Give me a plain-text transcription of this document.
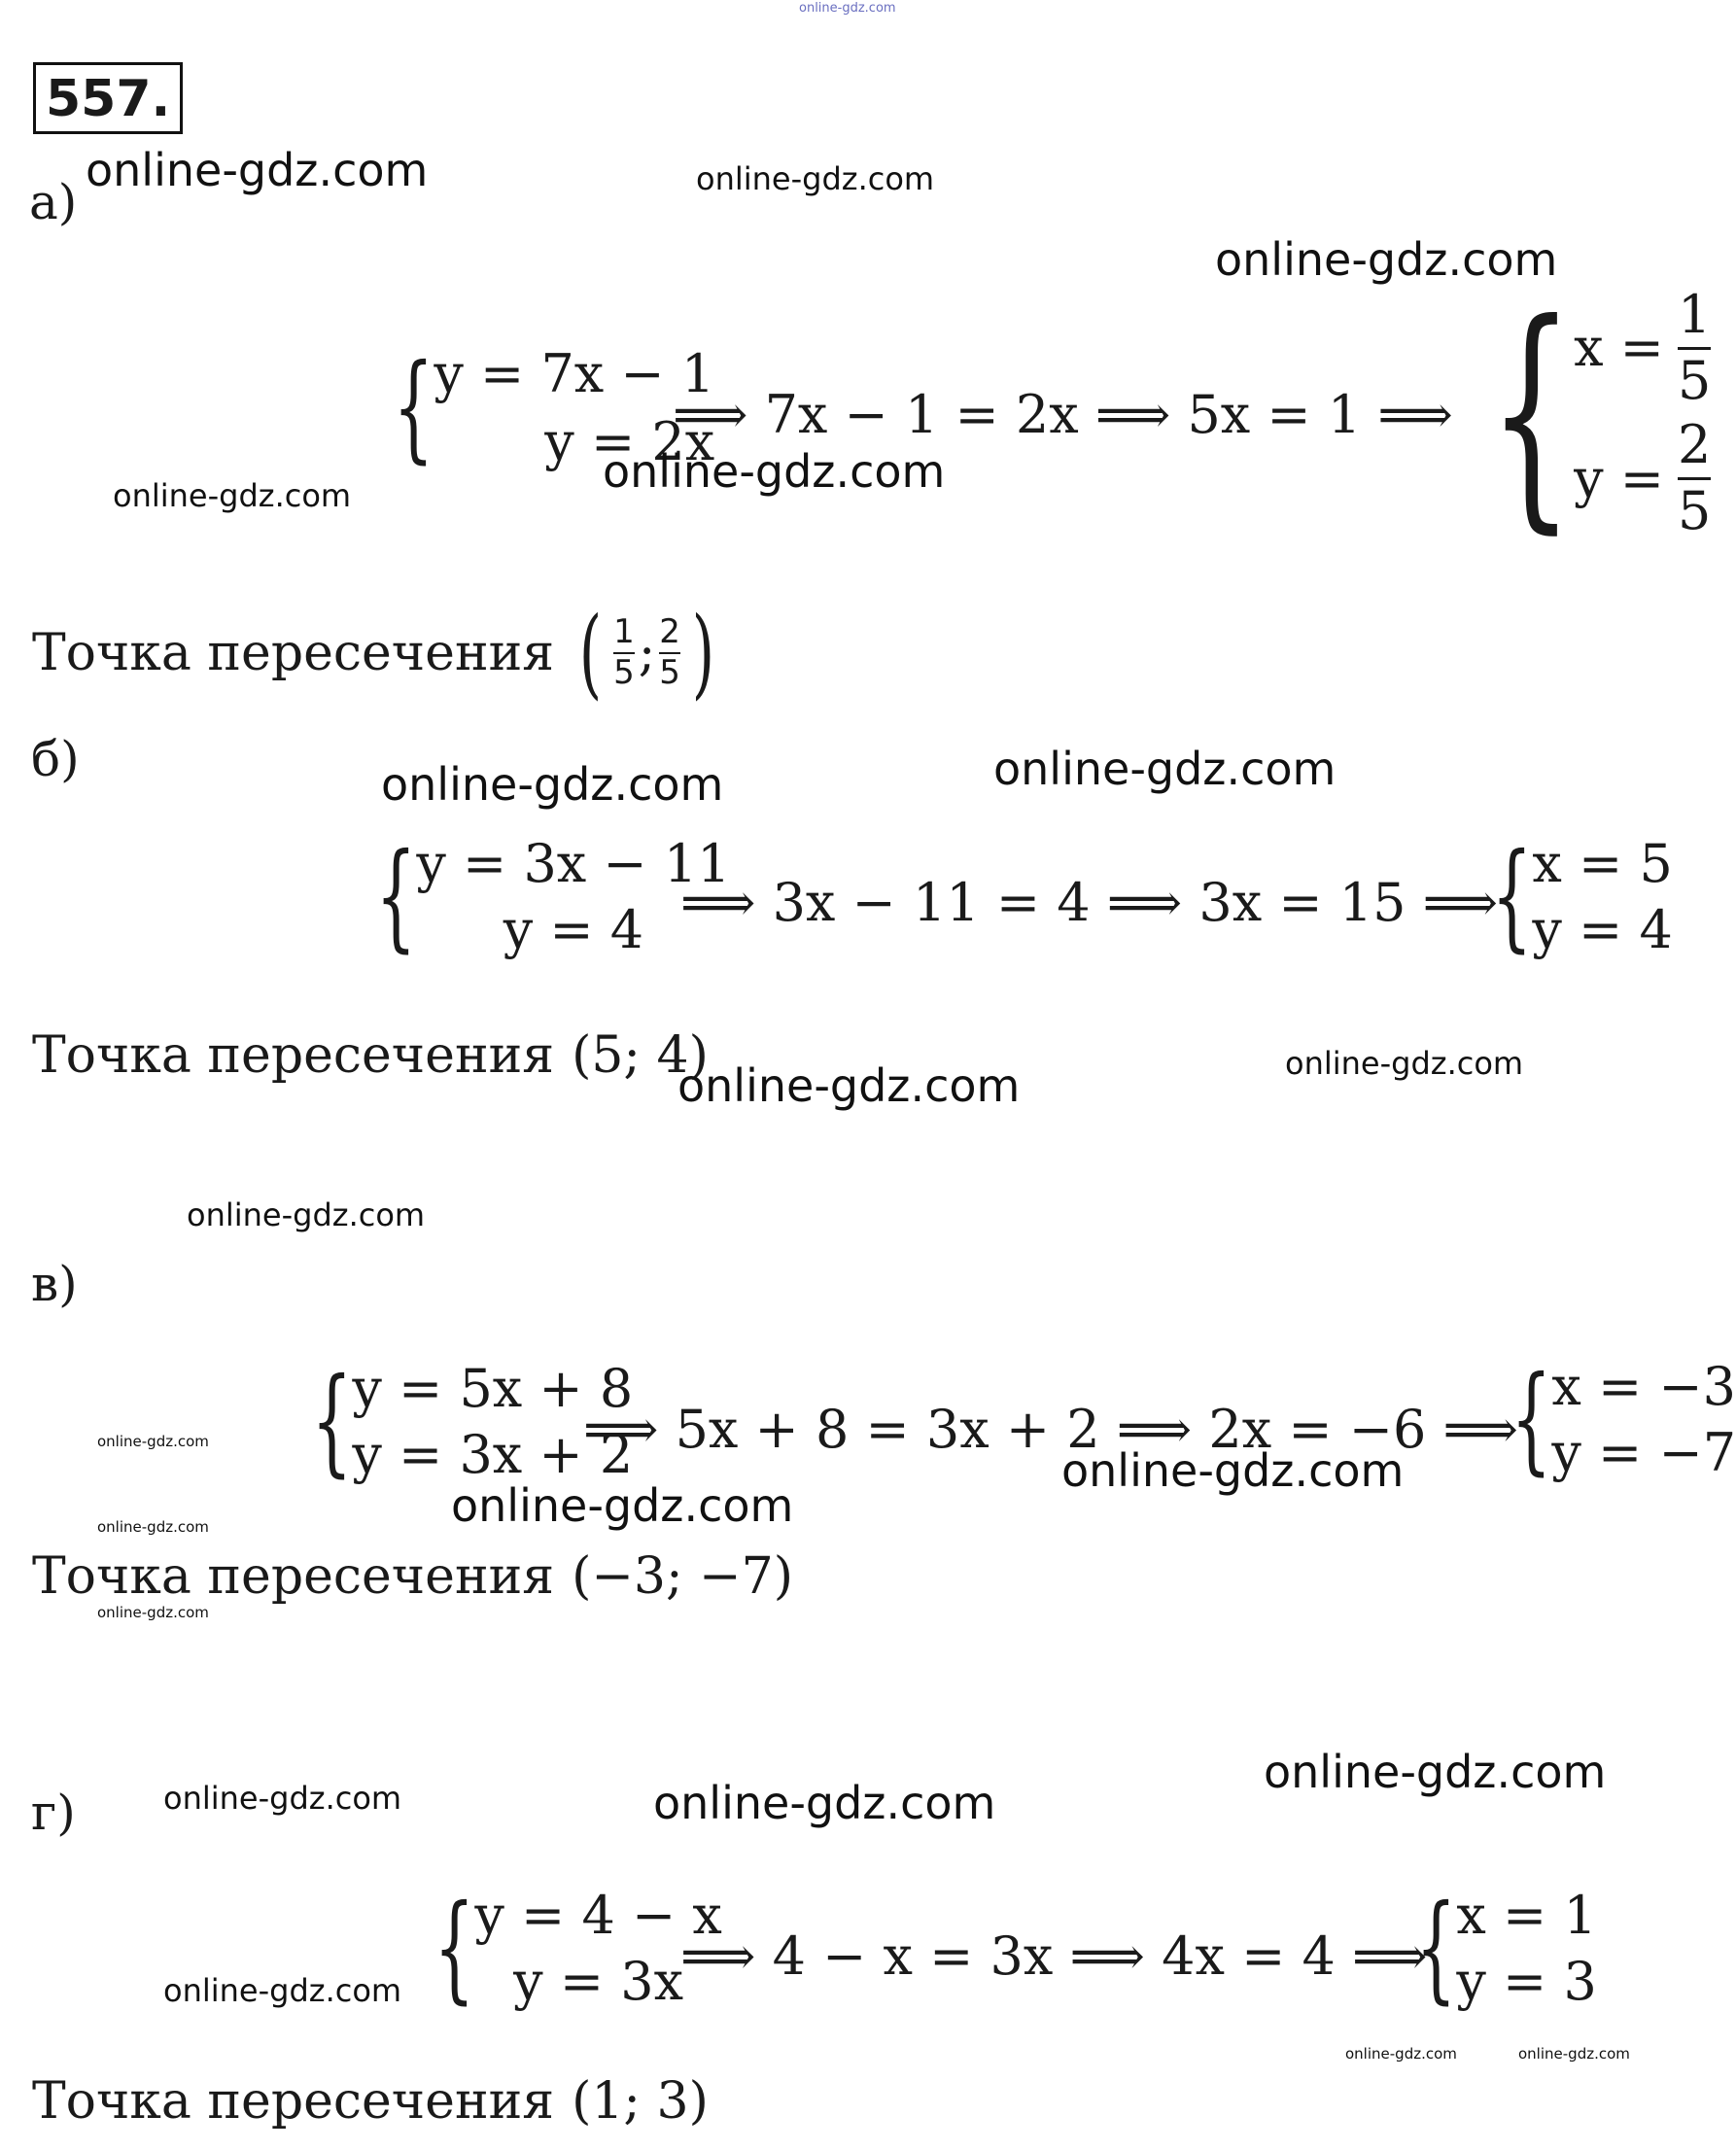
online-gdz.com
557.
а)
online-gdz.com	online-gdz.com
online-gdz.com
{ y = 7x − 1
y = 2x
⟹ 7x − 1 = 2x ⟹ 5x = 1 ⟹ { $x = \frac{1}{5}$
$y = \frac{2}{5}$
online-gdz.com	online-gdz.com
Точка пересечения ( $\frac{1}{5}$ ; $\frac{2}{5}$ )
б)	online-gdz.com	online-gdz.com
{ y = 3x − 11
y = 4 ⟹ 3x − 11 = 4 ⟹ 3x = 15 ⟹
{ x = 5
y = 4
Точка пересечения (5; 4)
online-gdz.com	online-gdz.com
online-gdz.com
в)
{ y = 5x + 8
y = 3x + 2
⟹ 5x + 8 = 3x + 2 ⟹ 2x = −6 ⟹
{ x = −3
y = −7
online-gdz.com
online-gdz.com
online-gdz.com
online-gdz.com
online-gdz.com
Точка пересечения (−3; −7)
online-gdz.com
г)	online-gdz.com	online-gdz.com
{ y = 4 − x
y = 3x
online-gdz.com
⟹ 4 − x = 3x ⟹ 4x = 4 ⟹
{ x = 1
y = 3
online-gdz.com	online-gdz.com
Точка пересечения (1; 3)
